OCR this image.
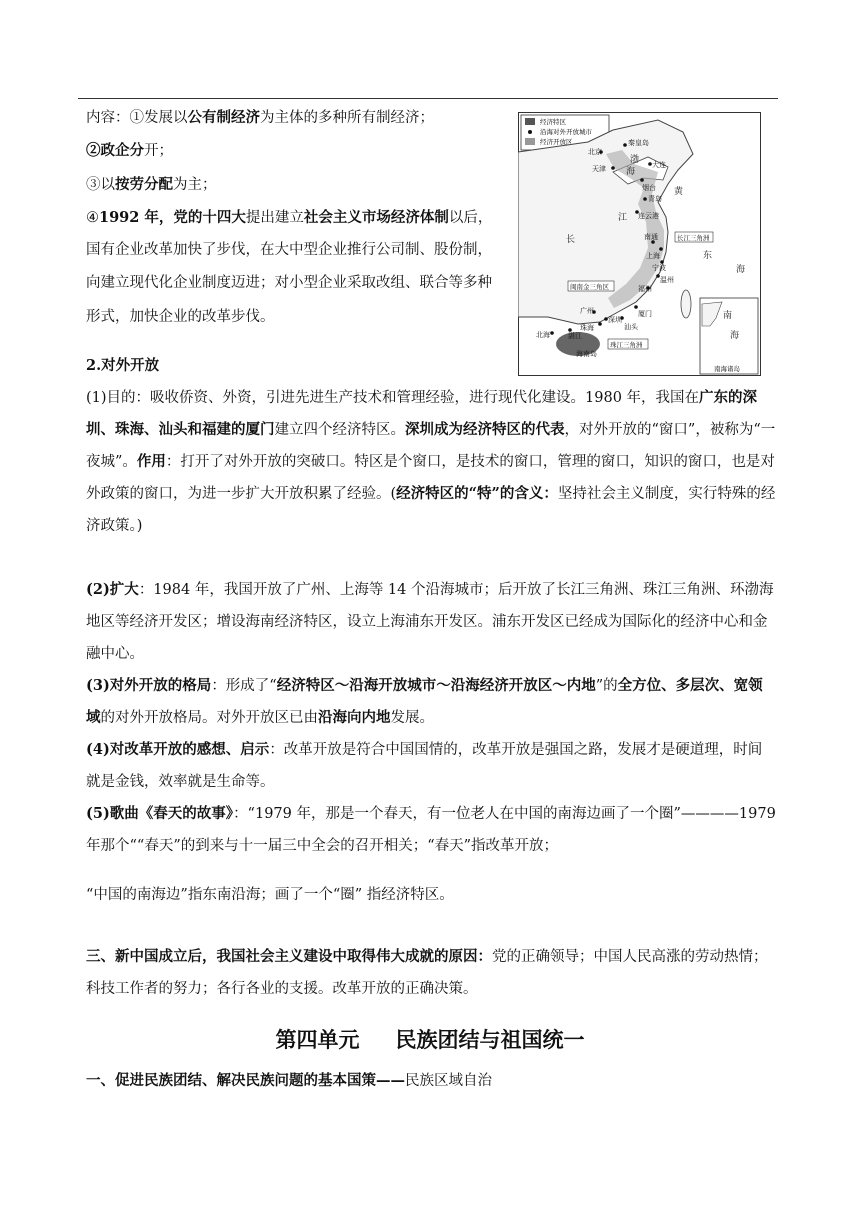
内容：①发展以公有制经济为主体的多种所有制经济；
②政企分开；
③以按劳分配为主；
④1992 年，党的十四大提出建立社会主义市场经济体制以后，
国有企业改革加快了步伐，在大中型企业推行公司制、股份制，
向建立现代化企业制度迈进；对小型企业采取改组、联合等多种
形式，加快企业的改革步伐。
经济特区
沿海对外开放城市
经济开放区
南海诸岛
北京
秦皇岛
天津	大连
烟台
青岛
连云港
南通
上海
宁波
温州
福州
厦门
汕头
深圳
珠海
广州
北海	湛江
海南岛
渤
海
黄
长
江
东
海
南
海
长江三角洲
闽南金三角区
珠江三角洲
2.对外开放
(1)目的：吸收侨资、外资，引进先进生产技术和管理经验，进行现代化建设。1980 年，我国在广东的深圳、珠海、汕头和福建的厦门建立四个经济特区。深圳成为经济特区的代表，对外开放的“窗口”，被称为“一夜城”。作用：打开了对外开放的突破口。特区是个窗口，是技术的窗口，管理的窗口，知识的窗口，也是对外政策的窗口，为进一步扩大开放积累了经验。(经济特区的“特”的含义：坚持社会主义制度，实行特殊的经济政策。)
(2)扩大：1984 年，我国开放了广州、上海等 14 个沿海城市；后开放了长江三角洲、珠江三角洲、环渤海地区等经济开发区；增设海南经济特区，设立上海浦东开发区。浦东开发区已经成为国际化的经济中心和金融中心。
(3)对外开放的格局：形成了“经济特区～沿海开放城市～沿海经济开放区～内地”的全方位、多层次、宽领域的对外开放格局。对外开放区已由沿海向内地发展。
(4)对改革开放的感想、启示：改革开放是符合中国国情的，改革开放是强国之路，发展才是硬道理，时间就是金钱，效率就是生命等。
(5)歌曲《春天的故事》：“1979 年，那是一个春天，有一位老人在中国的南海边画了一个圈”————1979 年那个““春天”的到来与十一届三中全会的召开相关；“春天”指改革开放；
“中国的南海边”指东南沿海；画了一个“圈” 指经济特区。
三、新中国成立后，我国社会主义建设中取得伟大成就的原因：党的正确领导；中国人民高涨的劳动热情；科技工作者的努力；各行各业的支援。改革开放的正确决策。
第四单元 民族团结与祖国统一
一、促进民族团结、解决民族问题的基本国策——民族区域自治
